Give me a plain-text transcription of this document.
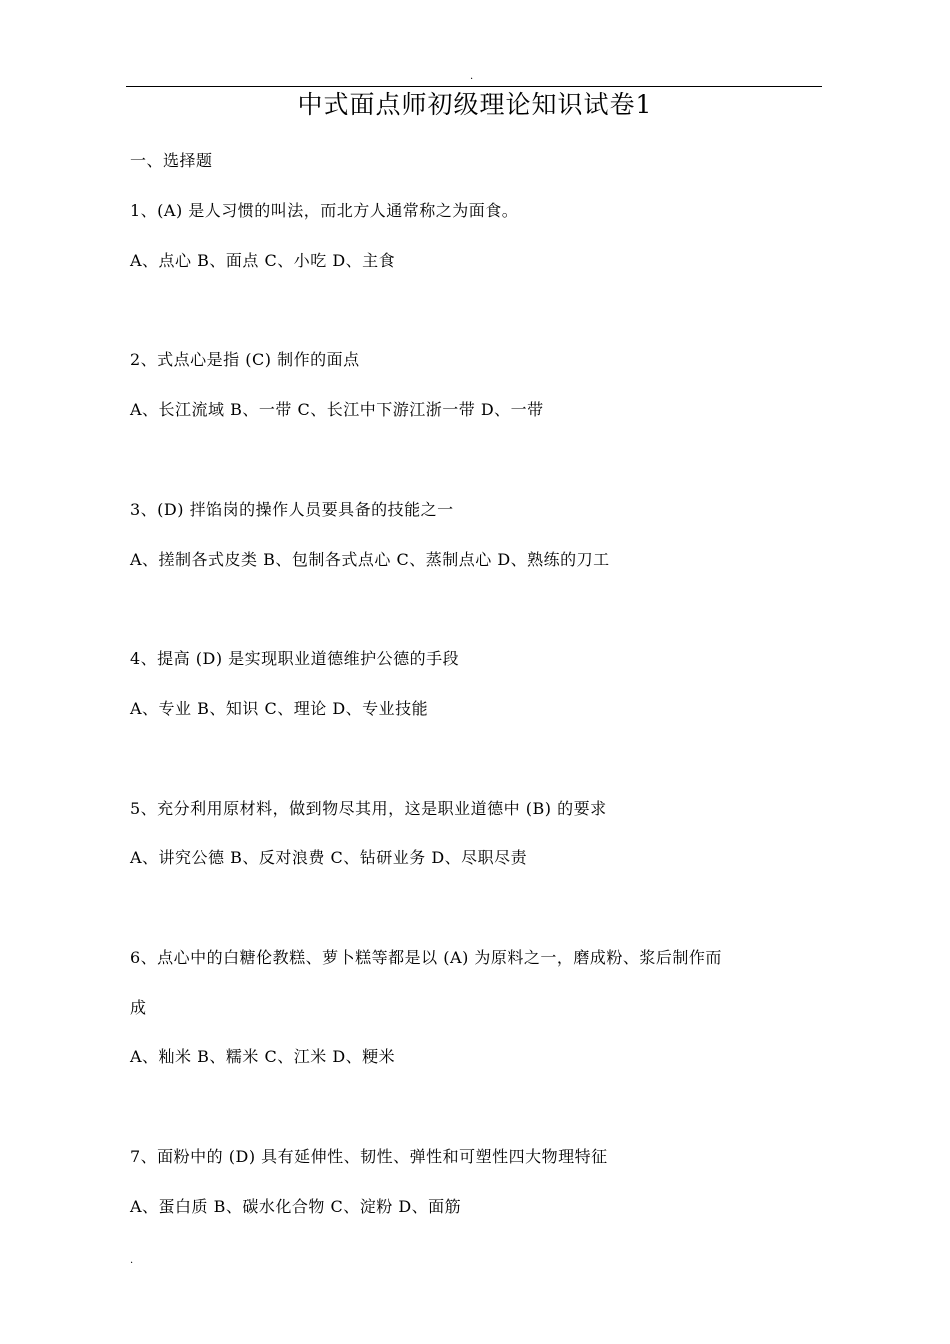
.
中式面点师初级理论知识试卷1
一、选择题
1、(A) 是人习惯的叫法，而北方人通常称之为面食。
A、点心 B、面点 C、小吃 D、主食
2、式点心是指 (C) 制作的面点
A、长江流域 B、一带 C、长江中下游江浙一带 D、一带
3、(D) 拌馅岗的操作人员要具备的技能之一
A、搓制各式皮类 B、包制各式点心 C、蒸制点心 D、熟练的刀工
4、提高 (D) 是实现职业道德维护公德的手段
A、专业 B、知识 C、理论 D、专业技能
5、充分利用原材料，做到物尽其用，这是职业道德中 (B) 的要求
A、讲究公德 B、反对浪费 C、钻研业务 D、尽职尽责
6、点心中的白糖伦教糕、萝卜糕等都是以 (A) 为原料之一，磨成粉、浆后制作而
成
A、籼米 B、糯米 C、江米 D、粳米
7、面粉中的 (D) 具有延伸性、韧性、弹性和可塑性四大物理特征
A、蛋白质 B、碳水化合物 C、淀粉 D、面筋
.
